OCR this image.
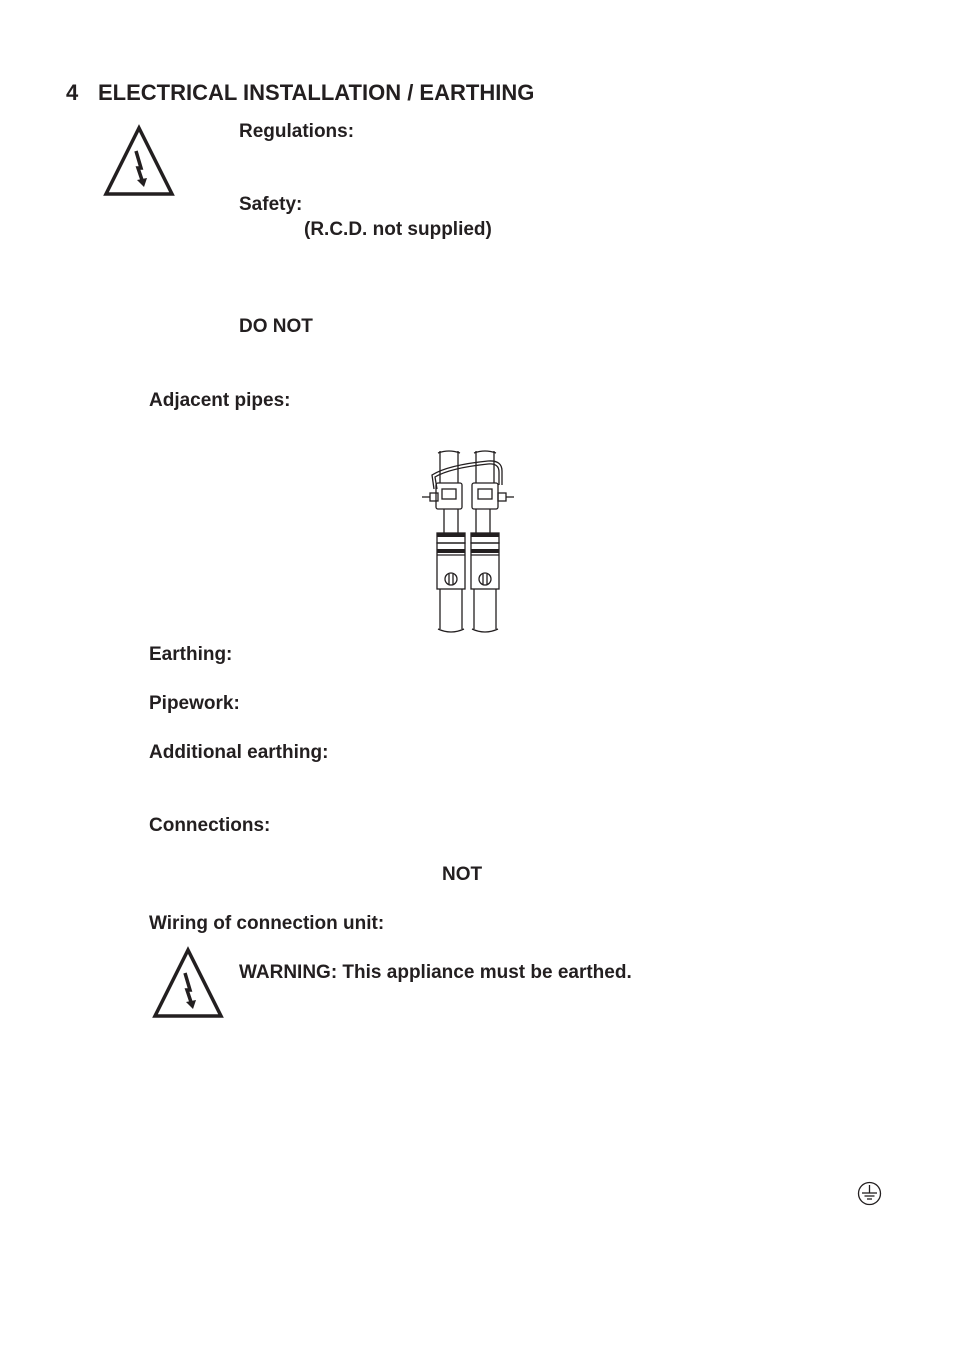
4 ELECTRICAL INSTALLATION / EARTHING
Regulations:
Safety:
(R.C.D. not supplied)
DO NOT
Adjacent pipes:
Earthing:
Pipework:
Additional earthing:
Connections:
NOT
Wiring of connection unit:
WARNING: This appliance must be earthed.
